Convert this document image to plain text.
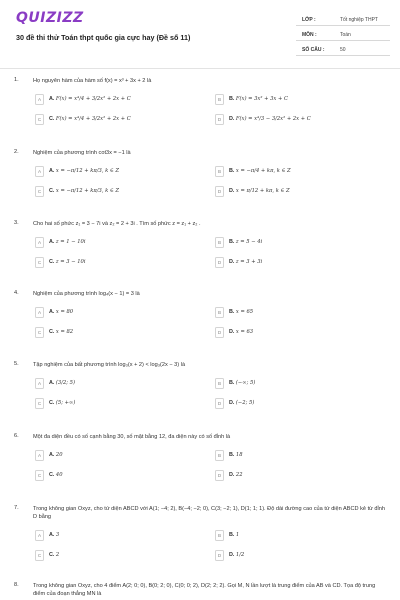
QUIZIZZ
30 đề thi thử Toán thpt quốc gia cực hay (Đề số 11)
LỚP :	Tốt nghiệp THPT
MÔN :	Toán
SỐ CÂU :	50
1.	Họ nguyên hàm của hàm số f(x) = x³ + 3x + 2 là
A	A. F(x) = x⁴/4 + 3/2x² + 2x + C	B	B. F(x) = 3x² + 3x + C
C	C. F(x) = x⁴/4 + 3/2x² + 2x + C	D	D. F(x) = x⁴/3 − 3/2x² + 2x + C
2.	Nghiệm của phương trình cot3x = −1 là
A	A. x = −π/12 + kπ/3, k ∈ Z	B	B. x = −π/4 + kπ, k ∈ Z
C	C. x = −π/12 + kπ/3, k ∈ Z	D	D. x = π/12 + kπ, k ∈ Z
3.	Cho hai số phức z₁ = 3 − 7i và z₂ = 2 + 3i . Tìm số phức z = z₁ + z₂ .
A	A. z = 1 − 10i	B	B. z = 5 − 4i
C	C. z = 3 − 10i	D	D. z = 3 + 3i
4.	Nghiệm của phương trình log₄(x − 1) = 3 là
A	A. x = 80	B	B. x = 65
C	C. x = 82	D	D. x = 63
5.	Tập nghiệm của bất phương trình log₃(x + 2) < log₃(2x − 3) là
A	A. (3/2; 5)	B	B. (−∞; 5)
C	C. (5; +∞)	D	D. (−2; 5)
6.	Một đa diện đều có số cạnh bằng 30, số mặt bằng 12, đa diện này có số đỉnh là
A	A. 20	B	B. 18
C	C. 40	D	D. 22
7.	Trong không gian Oxyz, cho tứ diện ABCD với A(1; −4; 2), B(−4; −2; 0), C(3; −2; 1), D(1; 1; 1). Độ dài đường cao của tứ diện ABCD kẻ từ đỉnh D bằng
A	A. 3	B	B. 1
C	C. 2	D	D. 1/2
8.	Trong không gian Oxyz, cho 4 điểm A(2; 0; 0), B(0; 2; 0), C(0; 0; 2), D(2; 2; 2). Gọi M, N lần lượt là trung điểm của AB và CD. Tọa độ trung điểm của đoạn thẳng MN là
